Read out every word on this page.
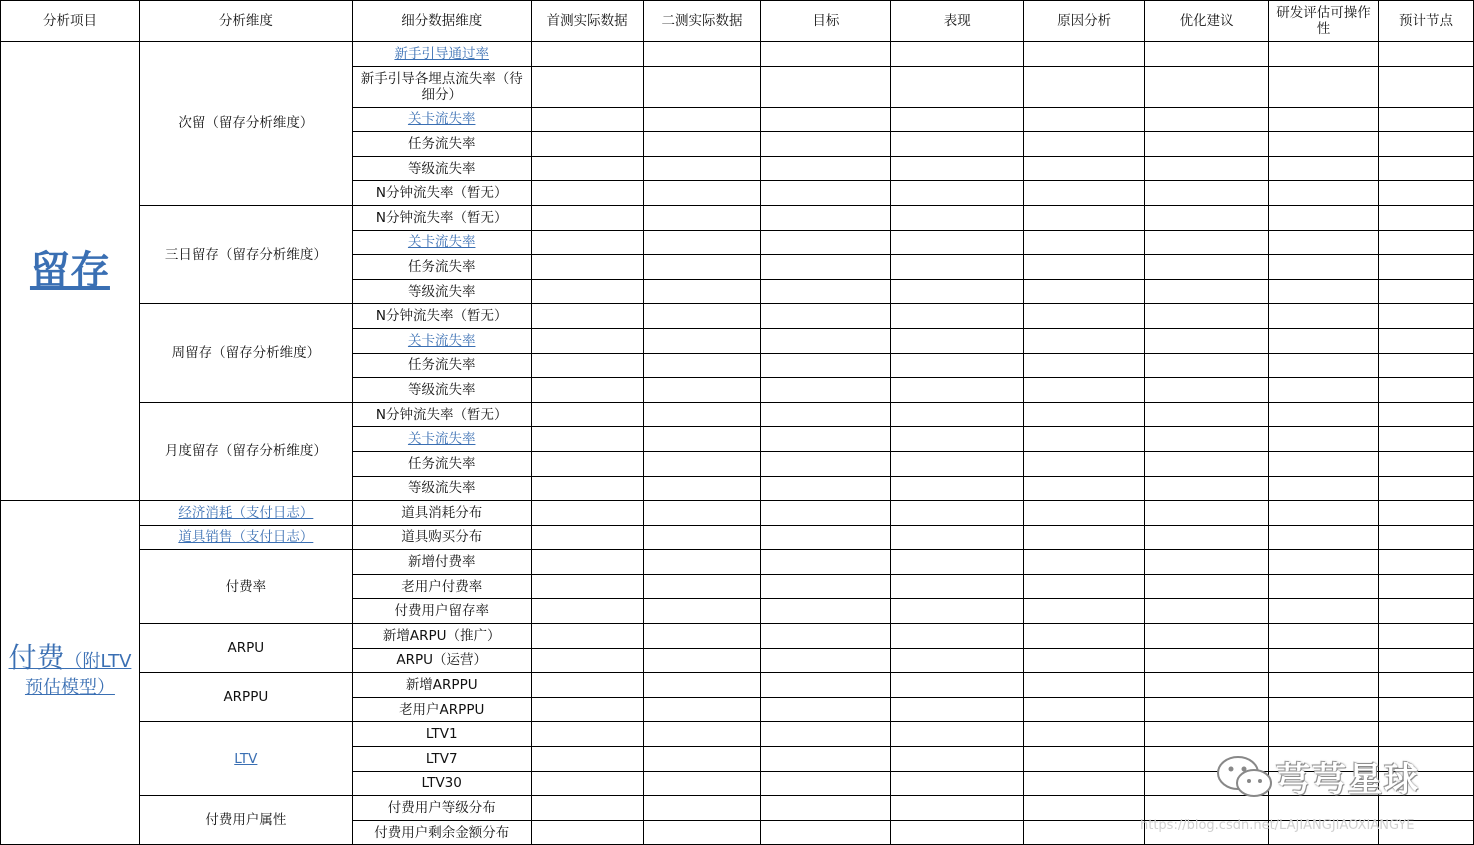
分析项目	分析维度	细分数据维度	首测实际数据	二测实际数据	目标	表现	原因分析	优化建议	研发评估可操作性	预计节点
留存	次留（留存分析维度）	新手引导通过率								
		新手引导各埋点流失率（待细分）								
		关卡流失率								
		任务流失率								
		等级流失率								
		N分钟流失率（暂无）								
	三日留存（留存分析维度）	N分钟流失率（暂无）								
		关卡流失率								
		任务流失率								
		等级流失率								
	周留存（留存分析维度）	N分钟流失率（暂无）								
		关卡流失率								
		任务流失率								
		等级流失率								
	月度留存（留存分析维度）	N分钟流失率（暂无）								
		关卡流失率								
		任务流失率								
		等级流失率								
付费（附LTV预估模型）	经济消耗（支付日志）	道具消耗分布								
	道具销售（支付日志）	道具购买分布								
	付费率	新增付费率								
		老用户付费率								
		付费用户留存率								
	ARPU	新增ARPU（推广）								
		ARPU（运营）								
	ARPPU	新增ARPPU								
		老用户ARPPU								
	LTV	LTV1								
		LTV7								
		LTV30								
	付费用户属性	付费用户等级分布								
		付费用户剩余金额分布								
芎芎星球
https://blog.csdn.net/LAJIANGJIAOXIANGYE
